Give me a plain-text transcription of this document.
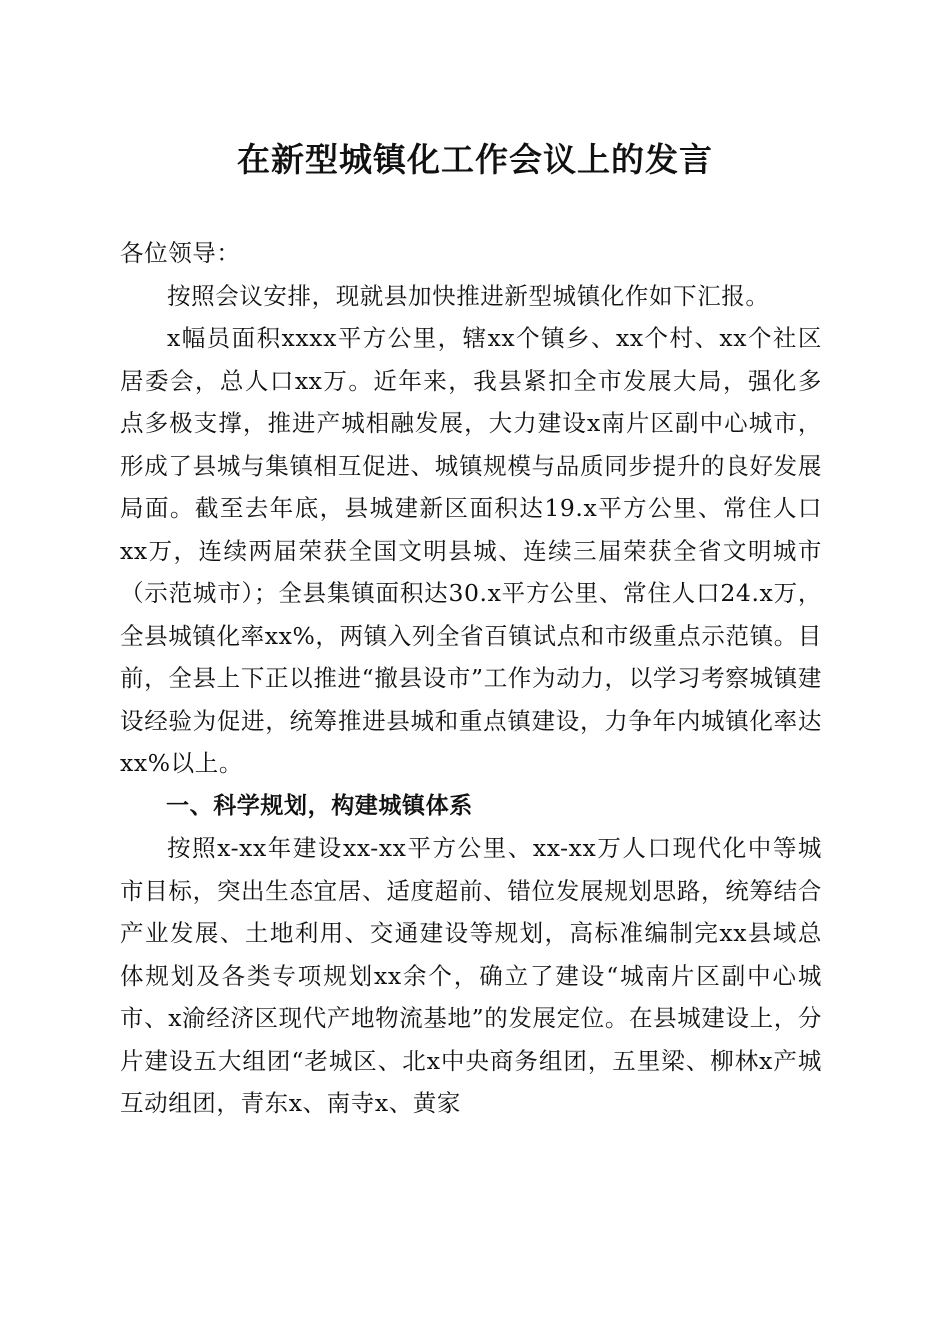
在新型城镇化工作会议上的发言

各位领导：

按照会议安排，现就县加快推进新型城镇化作如下汇报。

x幅员面积xxxx平方公里，辖xx个镇乡、xx个村、xx个社区居委会，总人口xx万。近年来，我县紧扣全市发展大局，强化多点多极支撑，推进产城相融发展，大力建设x南片区副中心城市，形成了县城与集镇相互促进、城镇规模与品质同步提升的良好发展局面。截至去年底，县城建新区面积达19.x平方公里、常住人口xx万，连续两届荣获全国文明县城、连续三届荣获全省文明城市（示范城市）；全县集镇面积达30.x平方公里、常住人口24.x万，全县城镇化率xx%，两镇入列全省百镇试点和市级重点示范镇。目前，全县上下正以推进“撤县设市”工作为动力，以学习考察城镇建设经验为促进，统筹推进县城和重点镇建设，力争年内城镇化率达xx%以上。

一、科学规划，构建城镇体系

按照x-xx年建设xx-xx平方公里、xx-xx万人口现代化中等城市目标，突出生态宜居、适度超前、错位发展规划思路，统筹结合产业发展、土地利用、交通建设等规划，高标准编制完xx县域总体规划及各类专项规划xx余个，确立了建设“城南片区副中心城市、x渝经济区现代产地物流基地”的发展定位。在县城建设上，分片建设五大组团“老城区、北x中央商务组团，五里梁、柳林x产城互动组团，青东x、南寺x、黄家
